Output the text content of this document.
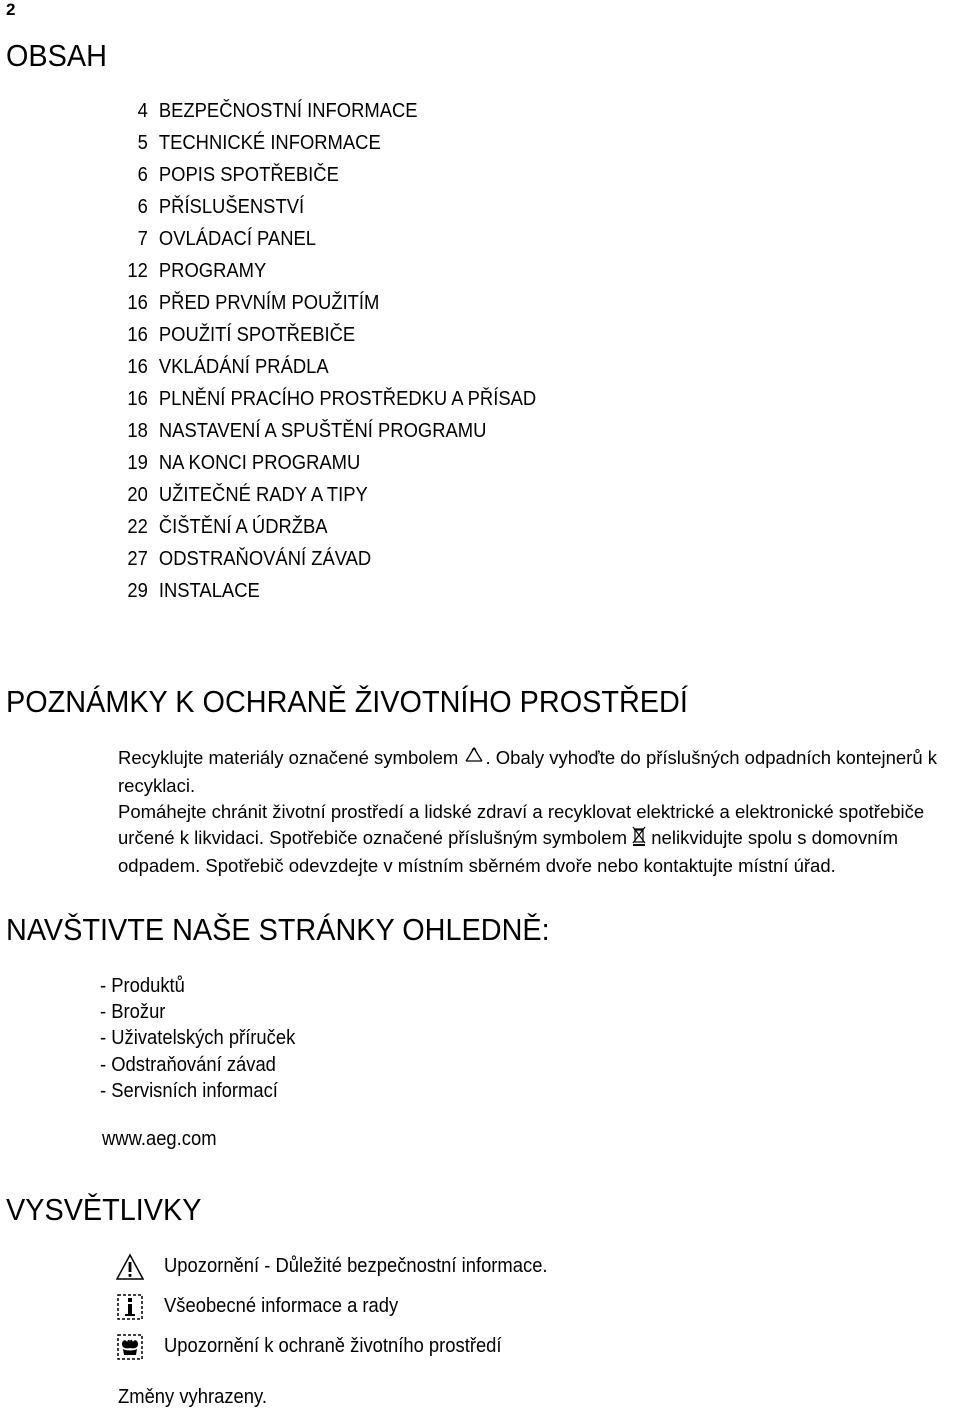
2
OBSAH
4 BEZPEČNOSTNÍ INFORMACE
5 TECHNICKÉ INFORMACE
6 POPIS SPOTŘEBIČE
6 PŘÍSLUŠENSTVÍ
7 OVLÁDACÍ PANEL
12 PROGRAMY
16 PŘED PRVNÍM POUŽITÍM
16 POUŽITÍ SPOTŘEBIČE
16 VKLÁDÁNÍ PRÁDLA
16 PLNĚNÍ PRACÍHO PROSTŘEDKU A PŘÍSAD
18 NASTAVENÍ A SPUŠTĚNÍ PROGRAMU
19 NA KONCI PROGRAMU
20 UŽITEČNÉ RADY A TIPY
22 ČIŠTĚNÍ A ÚDRŽBA
27 ODSTRAŇOVÁNÍ ZÁVAD
29 INSTALACE
POZNÁMKY K OCHRANĚ ŽIVOTNÍHO PROSTŘEDÍ

Recyklujte materiály označené symbolem . Obaly vyhoďte do příslušných odpadních kontejnerů k recyklaci.

Pomáhejte chránit životní prostředí a lidské zdraví a recyklovat elektrické a elektronické spotřebiče určené k likvidaci. Spotřebiče označené příslušným symbolem  nelikvidujte spolu s domovním odpadem. Spotřebič odevzdejte v místním sběrném dvoře nebo kontaktujte místní úřad.

NAVŠTIVTE NAŠE STRÁNKY OHLEDNĚ:
- Produktů
- Brožur
- Uživatelských příruček
- Odstraňování závad
- Servisních informací
www.aeg.com
VYSVĚTLIVKY
Upozornění - Důležité bezpečnostní informace.
Všeobecné informace a rady
Upozornění k ochraně životního prostředí
Změny vyhrazeny.
